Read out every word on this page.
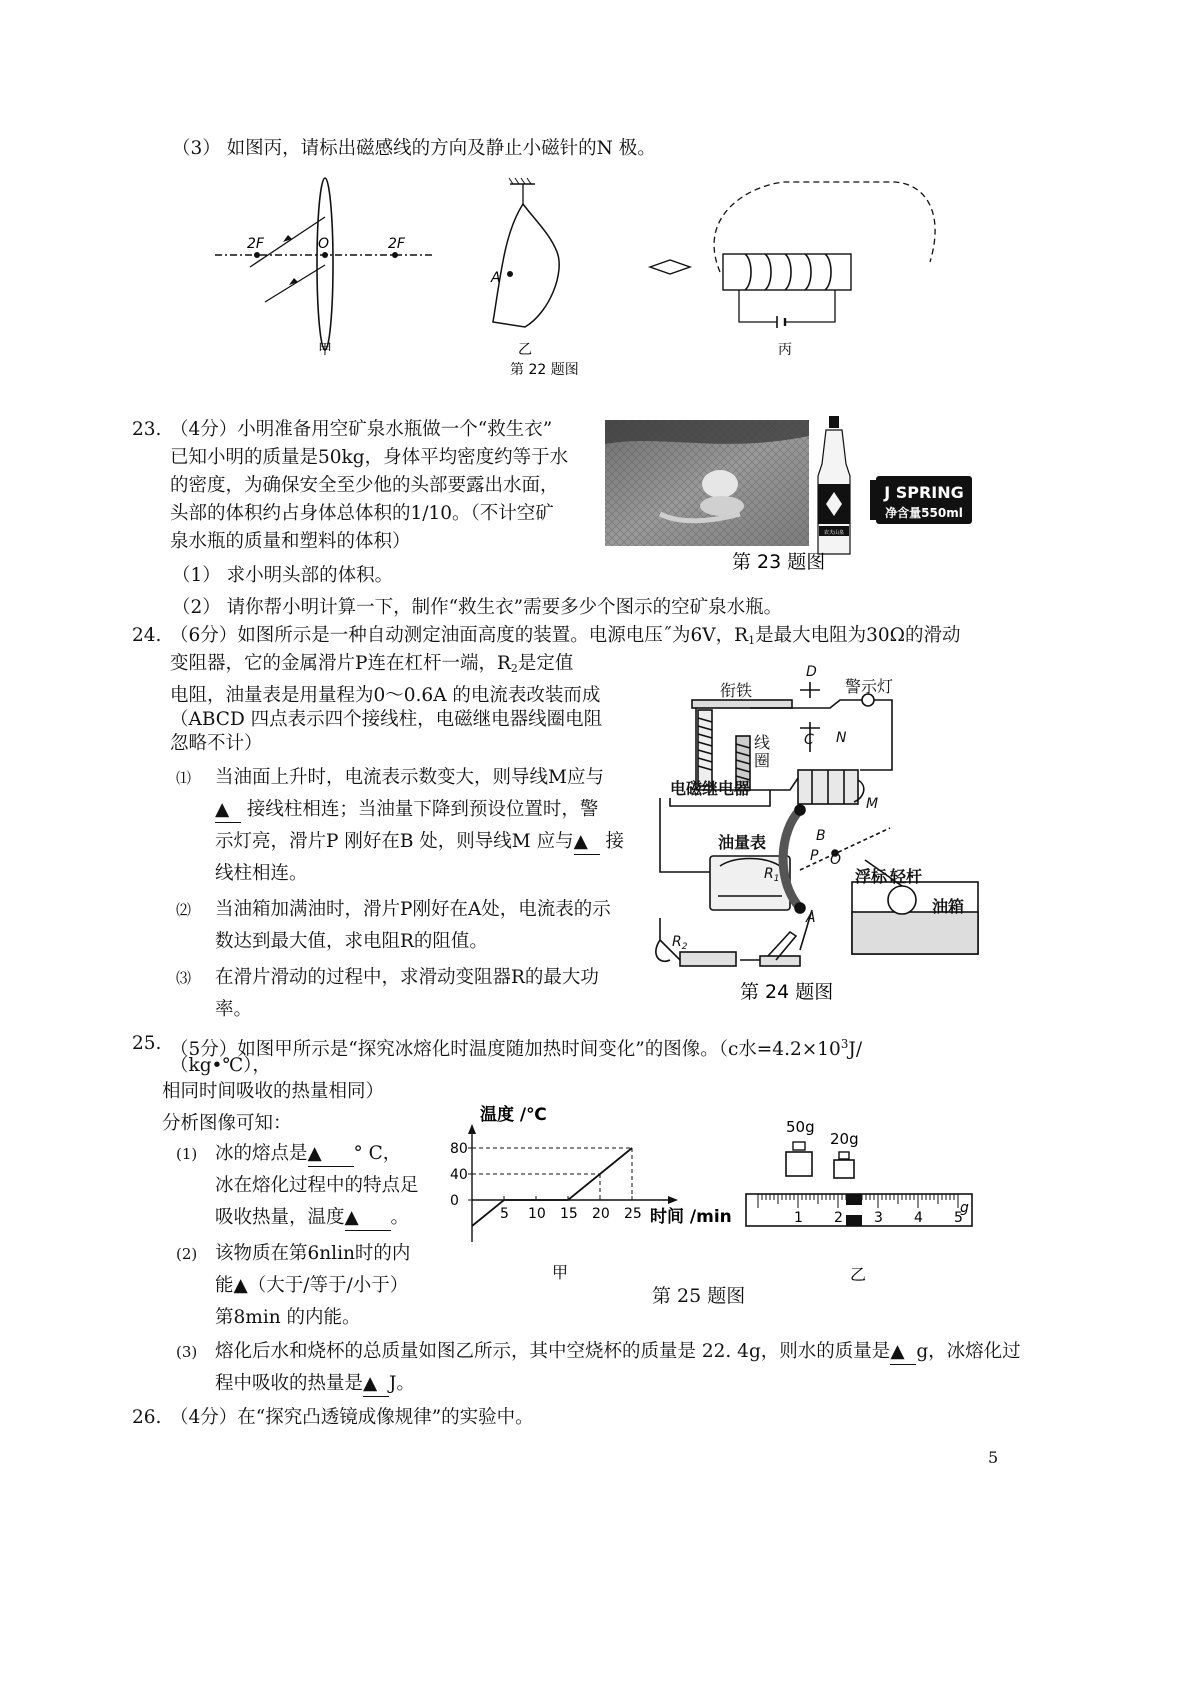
（3） 如图丙，请标出磁感线的方向及静止小磁针的N 极。
2F	O	2F
甲
A
乙	丙
第 22 题图
23. （4分）小明准备用空矿泉水瓶做一个“救生衣”
已知小明的质量是50kg，身体平均密度约等于水
的密度，为确保安全至少他的头部要露出水面，
头部的体积约占身体总体积的1/10。（不计空矿
泉水瓶的质量和塑料的体积）
（1） 求小明头部的体积。
（2） 请你帮小明计算一下，制作“救生衣”需要多少个图示的空矿泉水瓶。
农夫山泉
J SPRING
净含量550ml
第 23 题图
24. （6分）如图所示是一种自动测定油面高度的装置。电源电压˝为6V，$R_1$是最大电阻为30Ω的滑动
变阻器，它的金属滑片P连在杠杆一端，$R_2$是定值
电阻，油量表是用量程为0～0.6A 的电流表改装而成
（ABCD 四点表示四个接线柱，电磁继电器线圈电阻
忽略不计）
⑴ 当油面上升时，电流表示数变大，则导线M应与
▲ 接线柱相连；当油量下降到预设位置时，警
示灯亮，滑片P 刚好在B 处，则导线M 应与▲ 接
线柱相连。
⑵ 当油箱加满油时，滑片P刚好在A处，电流表的示
数达到最大值，求电阻R的阻值。
⑶ 在滑片滑动的过程中，求滑动变阻器R的最大功
率。
衔铁	警示灯
线
圈
电磁继电器
油量表
浮标 轻杆
油箱
D
C N
M
B
P O
A
$R_1$
$R_2$
第 24 题图
25. （5分）如图甲所示是“探究冰熔化时温度随加热时间变化”的图像。（c水$=4.2\times 10^3J/$
（kg•℃），
相同时间吸收的热量相同）
分析图像可知：
(1) 冰的熔点是▲ ° C，
冰在熔化过程中的特点足
吸收热量，温度▲ 。
(2) 该物质在第6nlin时的内
能▲（大于/等于/小于）
第8min 的内能。
(3) 熔化后水和烧杯的总质量如图乙所示，其中空烧杯的质量是 22. 4g，则水的质量是▲ g，冰熔化过
程中吸收的热量是▲ J。
温度 /℃
时间 /min
甲
80
40
0
5 10 15 20 25
50g
20g
g
1 2 3 4 5
乙
第 25 题图
26. （4分）在“探究凸透镜成像规律”的实验中。
5
